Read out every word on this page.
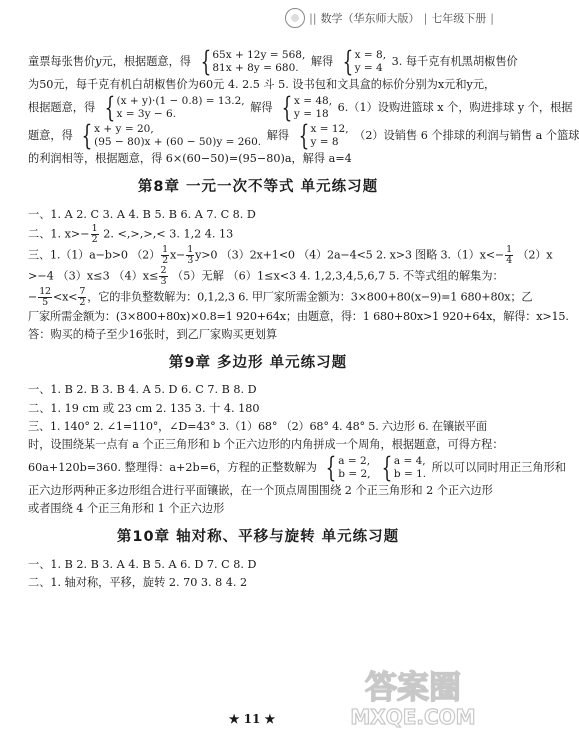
|| 数学（华东师大版） | 七年级下册 |
童票每张售价y元，根据题意，得 { 65x + 12y = 568,
81x + 8y = 680.	解得 { x = 8,
y = 4 3. 每千克有机黑胡椒售价
为50元，每千克有机白胡椒售价为60元 4. 2.5 斗 5. 设书包和文具盒的标价分别为x元和y元，
根据题意，得 { (x + y)·(1 − 0.8) = 13.2,
x = 3y − 6.	解得 { x = 48,
y = 18 6.（1）设购进篮球 x 个，购进排球 y 个，根据
题意，得 { x + y = 20,
(95 − 80)x + (60 − 50)y = 260. 解得 { x = 12,
y = 8	（2）设销售 6 个排球的利润与销售 a 个篮球
的利润相等，根据题意，得 6×(60−50)=(95−80)a，解得 a=4
第8章 一元一次不等式 单元练习题
一、1. A 2. C 3. A 4. B 5. B 6. A 7. C 8. D
二、1. $x>- \frac{1}{2} 2$. <,>,>,< 3. 1,2 4. 13
三、1.（1）a−b>0 $(2) \frac{1}{2} x- \frac{1}{3} y>0$ （3）2x+1<0 （4）2a−4<5 2. x>3 图略 $3.(1)x<- \frac{1}{4} (2)x$
>−4 （3）x≤3 $(4)x\le \frac{2}{3} (5)$无解 （6）1≤x<3 4. 1,2,3,4,5,6,7 5. 不等式组的解集为：
− $\frac{12}{5} <x< \frac{7}{2}$ ，它的非负整数解为：0,1,2,3 6. 甲厂家所需金额为：3×800+80(x−9)=1 680+80x；乙
厂家所需金额为：(3×800+80x)×0.8=1 920+64x；由题意，得：1 680+80x>1 920+64x，解得：x>15.
答：购买的椅子至少16张时，到乙厂家购买更划算
第9章 多边形 单元练习题
一、1. B 2. B 3. B 4. A 5. D 6. C 7. B 8. D
二、1. 19 cm 或 23 cm 2. 135 3. 十 4. 180
三、1. 140° 2. ∠1=110°，∠D=43° 3.（1）68° （2）68° 4. 48° 5. 六边形 6. 在镶嵌平面
时，设围绕某一点有 a 个正三角形和 b 个正六边形的内角拼成一个周角，根据题意，可得方程：
60a+120b=360. 整理得：a+2b=6，方程的正整数解为 { a = 2,
b = 2,
{ a = 4,
b = 1. 所以可以同时用正三角形和
正六边形两种正多边形组合进行平面镶嵌，在一个顶点周围围绕 2 个正三角形和 2 个正六边形
或者围绕 4 个正三角形和 1 个正六边形
第10章 轴对称、平移与旋转 单元练习题
一、1. B 2. B 3. A 4. B 5. A 6. D 7. C 8. D
二、1. 轴对称，平移，旋转 2. 70 3. 8 4. 2
★ 11 ★
答案圈
MXQE.COM
